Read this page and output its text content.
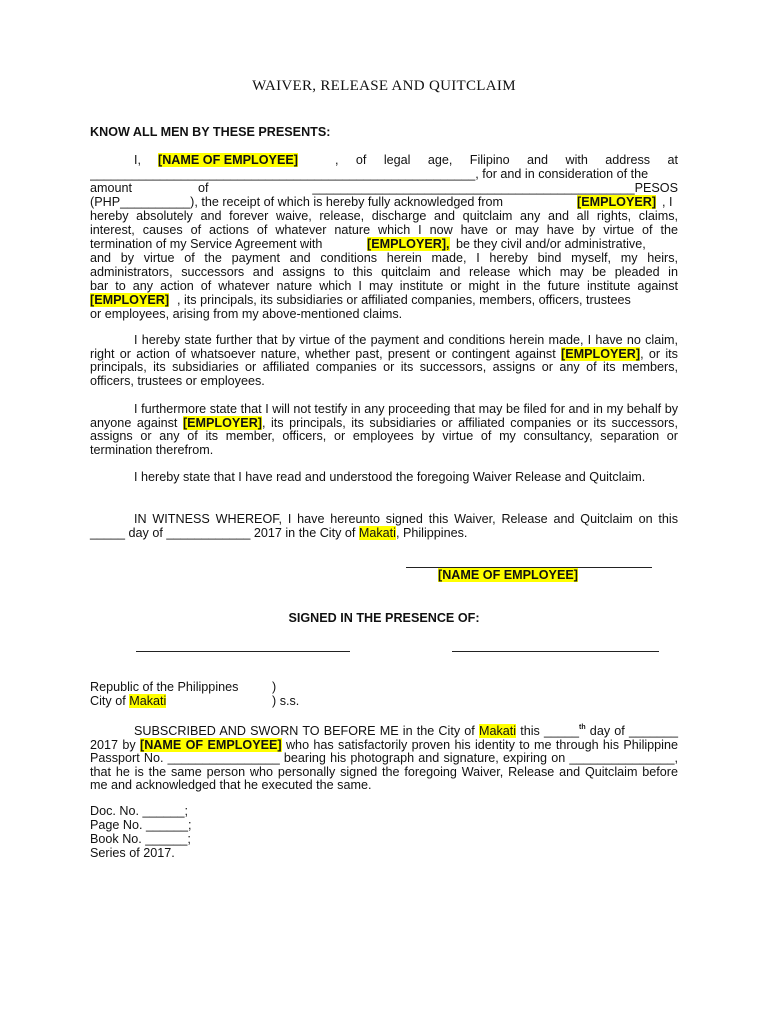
WAIVER, RELEASE AND QUITCLAIM
KNOW ALL MEN BY THESE PRESENTS:
I, [NAME OF EMPLOYEE]	, of legal age, Filipino and with address at
_______________________________________________________, for and in consideration of the
amount	of	______________________________________________PESOS
(PHP__________), the receipt of which is hereby fully acknowledged from	[EMPLOYER] , I
hereby absolutely and forever waive, release, discharge and quitclaim any and all rights, claims,
interest, causes of actions of whatever nature which I now have or may have by virtue of the
termination of my Service Agreement with	[EMPLOYER], be they civil and/or administrative,
and by virtue of the payment and conditions herein made, I hereby bind myself, my heirs,
administrators, successors and assigns to this quitclaim and release which may be pleaded in
bar to any action of whatever nature which I may institute or might in the future institute against
[EMPLOYER] , its principals, its subsidiaries or affiliated companies, members, officers, trustees
or employees, arising from my above-mentioned claims.

I hereby state further that by virtue of the payment and conditions herein made, I have no claim, right or action of whatsoever nature, whether past, present or contingent against [EMPLOYER], or its principals, its subsidiaries or affiliated companies or its successors, assigns or any of its members, officers, trustees or employees.

I furthermore state that I will not testify in any proceeding that may be filed for and in my behalf by anyone against [EMPLOYER], its principals, its subsidiaries or affiliated companies or its successors, assigns or any of its member, officers, or employees by virtue of my consultancy, separation or termination therefrom.

I hereby state that I have read and understood the foregoing Waiver Release and Quitclaim.

IN WITNESS WHEREOF, I have hereunto signed this Waiver, Release and Quitclaim on this _____ day of ____________ 2017 in the City of Makati, Philippines.

[NAME OF EMPLOYEE]
SIGNED IN THE PRESENCE OF:
Republic of the Philippines	)
City of Makati	) s.s.

SUBSCRIBED AND SWORN TO BEFORE ME in the City of Makati this _____$^{th}$ day of _______ 2017 by [NAME OF EMPLOYEE] who has satisfactorily proven his identity to me through his Philippine Passport No. ________________ bearing his photograph and signature, expiring on _______________, that he is the same person who personally signed the foregoing Waiver, Release and Quitclaim before me and acknowledged that he executed the same.

Doc. No. ______;
Page No. ______;
Book No. ______;
Series of 2017.
